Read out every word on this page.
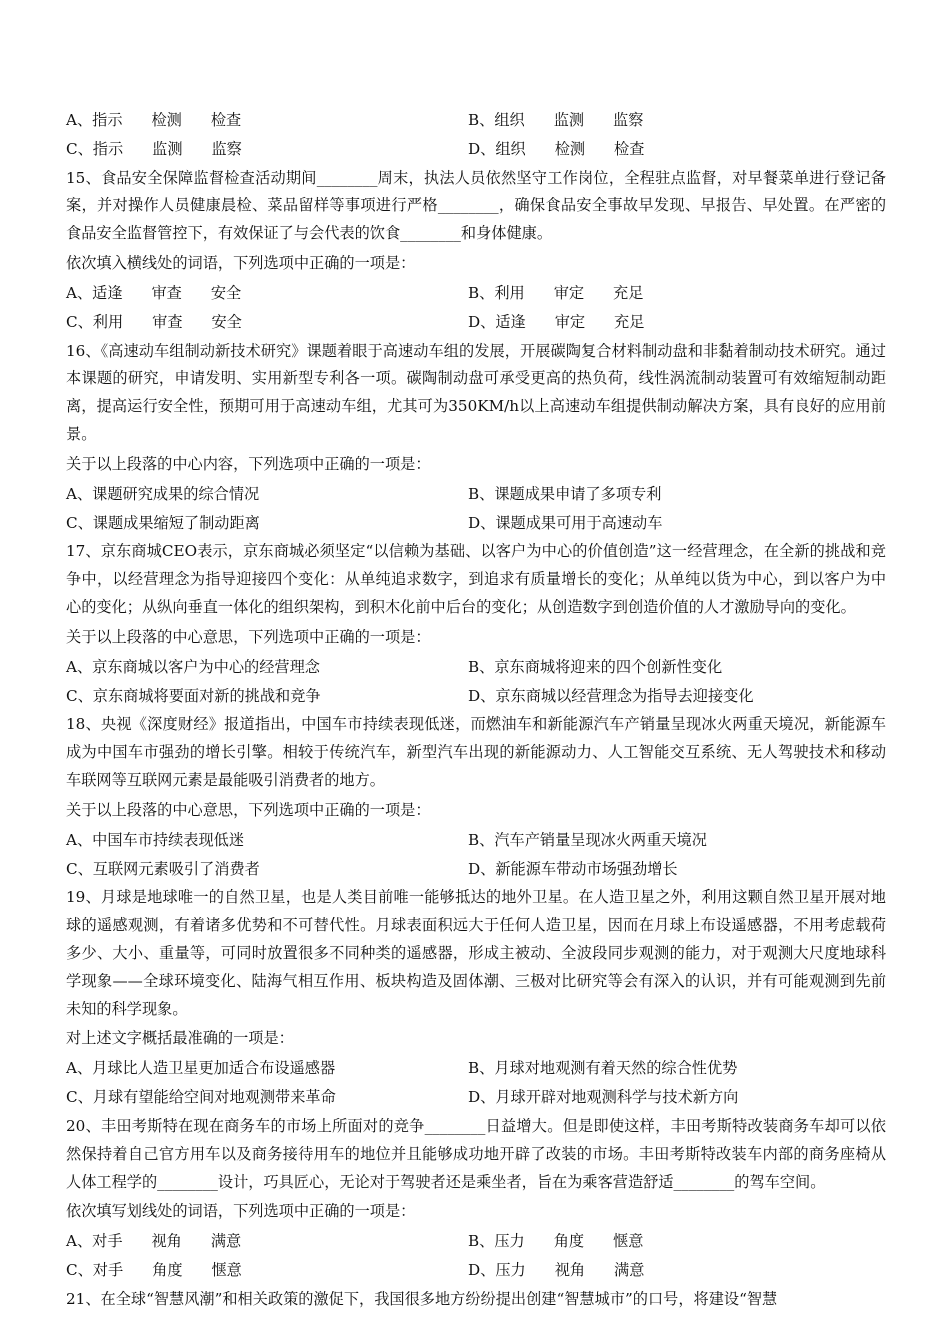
A、指示      检测      检查	B、组织      监测      监察
C、指示      监测      监察	D、组织      检测      检查

15、食品安全保障监督检查活动期间________周末，执法人员依然坚守工作岗位，全程驻点监督，对早餐菜单进行登记备案，并对操作人员健康晨检、菜品留样等事项进行严格________，确保食品安全事故早发现、早报告、早处置。在严密的食品安全监督管控下，有效保证了与会代表的饮食________和身体健康。

依次填入横线处的词语，下列选项中正确的一项是：

A、适逢      审查      安全	B、利用      审定      充足
C、利用      审查      安全	D、适逢      审定      充足

16、《高速动车组制动新技术研究》课题着眼于高速动车组的发展，开展碳陶复合材料制动盘和非黏着制动技术研究。通过本课题的研究，申请发明、实用新型专利各一项。碳陶制动盘可承受更高的热负荷，线性涡流制动装置可有效缩短制动距离，提高运行安全性，预期可用于高速动车组，尤其可为350KM/h以上高速动车组提供制动解决方案，具有良好的应用前景。

关于以上段落的中心内容，下列选项中正确的一项是：

A、课题研究成果的综合情况	B、课题成果申请了多项专利
C、课题成果缩短了制动距离	D、课题成果可用于高速动车

17、京东商城CEO表示，京东商城必须坚定“以信赖为基础、以客户为中心的价值创造”这一经营理念，在全新的挑战和竞争中，以经营理念为指导迎接四个变化：从单纯追求数字，到追求有质量增长的变化；从单纯以货为中心，到以客户为中心的变化；从纵向垂直一体化的组织架构，到积木化前中后台的变化；从创造数字到创造价值的人才激励导向的变化。

关于以上段落的中心意思，下列选项中正确的一项是：

A、京东商城以客户为中心的经营理念	B、京东商城将迎来的四个创新性变化
C、京东商城将要面对新的挑战和竞争	D、京东商城以经营理念为指导去迎接变化

18、央视《深度财经》报道指出，中国车市持续表现低迷，而燃油车和新能源汽车产销量呈现冰火两重天境况，新能源车成为中国车市强劲的增长引擎。相较于传统汽车，新型汽车出现的新能源动力、人工智能交互系统、无人驾驶技术和移动车联网等互联网元素是最能吸引消费者的地方。

关于以上段落的中心意思，下列选项中正确的一项是：

A、中国车市持续表现低迷	B、汽车产销量呈现冰火两重天境况
C、互联网元素吸引了消费者	D、新能源车带动市场强劲增长

19、月球是地球唯一的自然卫星，也是人类目前唯一能够抵达的地外卫星。在人造卫星之外，利用这颗自然卫星开展对地球的遥感观测，有着诸多优势和不可替代性。月球表面积远大于任何人造卫星，因而在月球上布设遥感器，不用考虑载荷多少、大小、重量等，可同时放置很多不同种类的遥感器，形成主被动、全波段同步观测的能力，对于观测大尺度地球科学现象——全球环境变化、陆海气相互作用、板块构造及固体潮、三极对比研究等会有深入的认识，并有可能观测到先前未知的科学现象。

对上述文字概括最准确的一项是：

A、月球比人造卫星更加适合布设遥感器	B、月球对地观测有着天然的综合性优势
C、月球有望能给空间对地观测带来革命	D、月球开辟对地观测科学与技术新方向

20、丰田考斯特在现在商务车的市场上所面对的竞争________日益增大。但是即使这样，丰田考斯特改装商务车却可以依然保持着自己官方用车以及商务接待用车的地位并且能够成功地开辟了改装的市场。丰田考斯特改装车内部的商务座椅从人体工程学的________设计，巧具匠心，无论对于驾驶者还是乘坐者，旨在为乘客营造舒适________的驾车空间。

依次填写划线处的词语，下列选项中正确的一项是：

A、对手      视角      满意	B、压力      角度      惬意
C、对手      角度      惬意	D、压力      视角      满意

21、在全球“智慧风潮”和相关政策的激促下，我国很多地方纷纷提出创建“智慧城市”的口号，将建设“智慧
